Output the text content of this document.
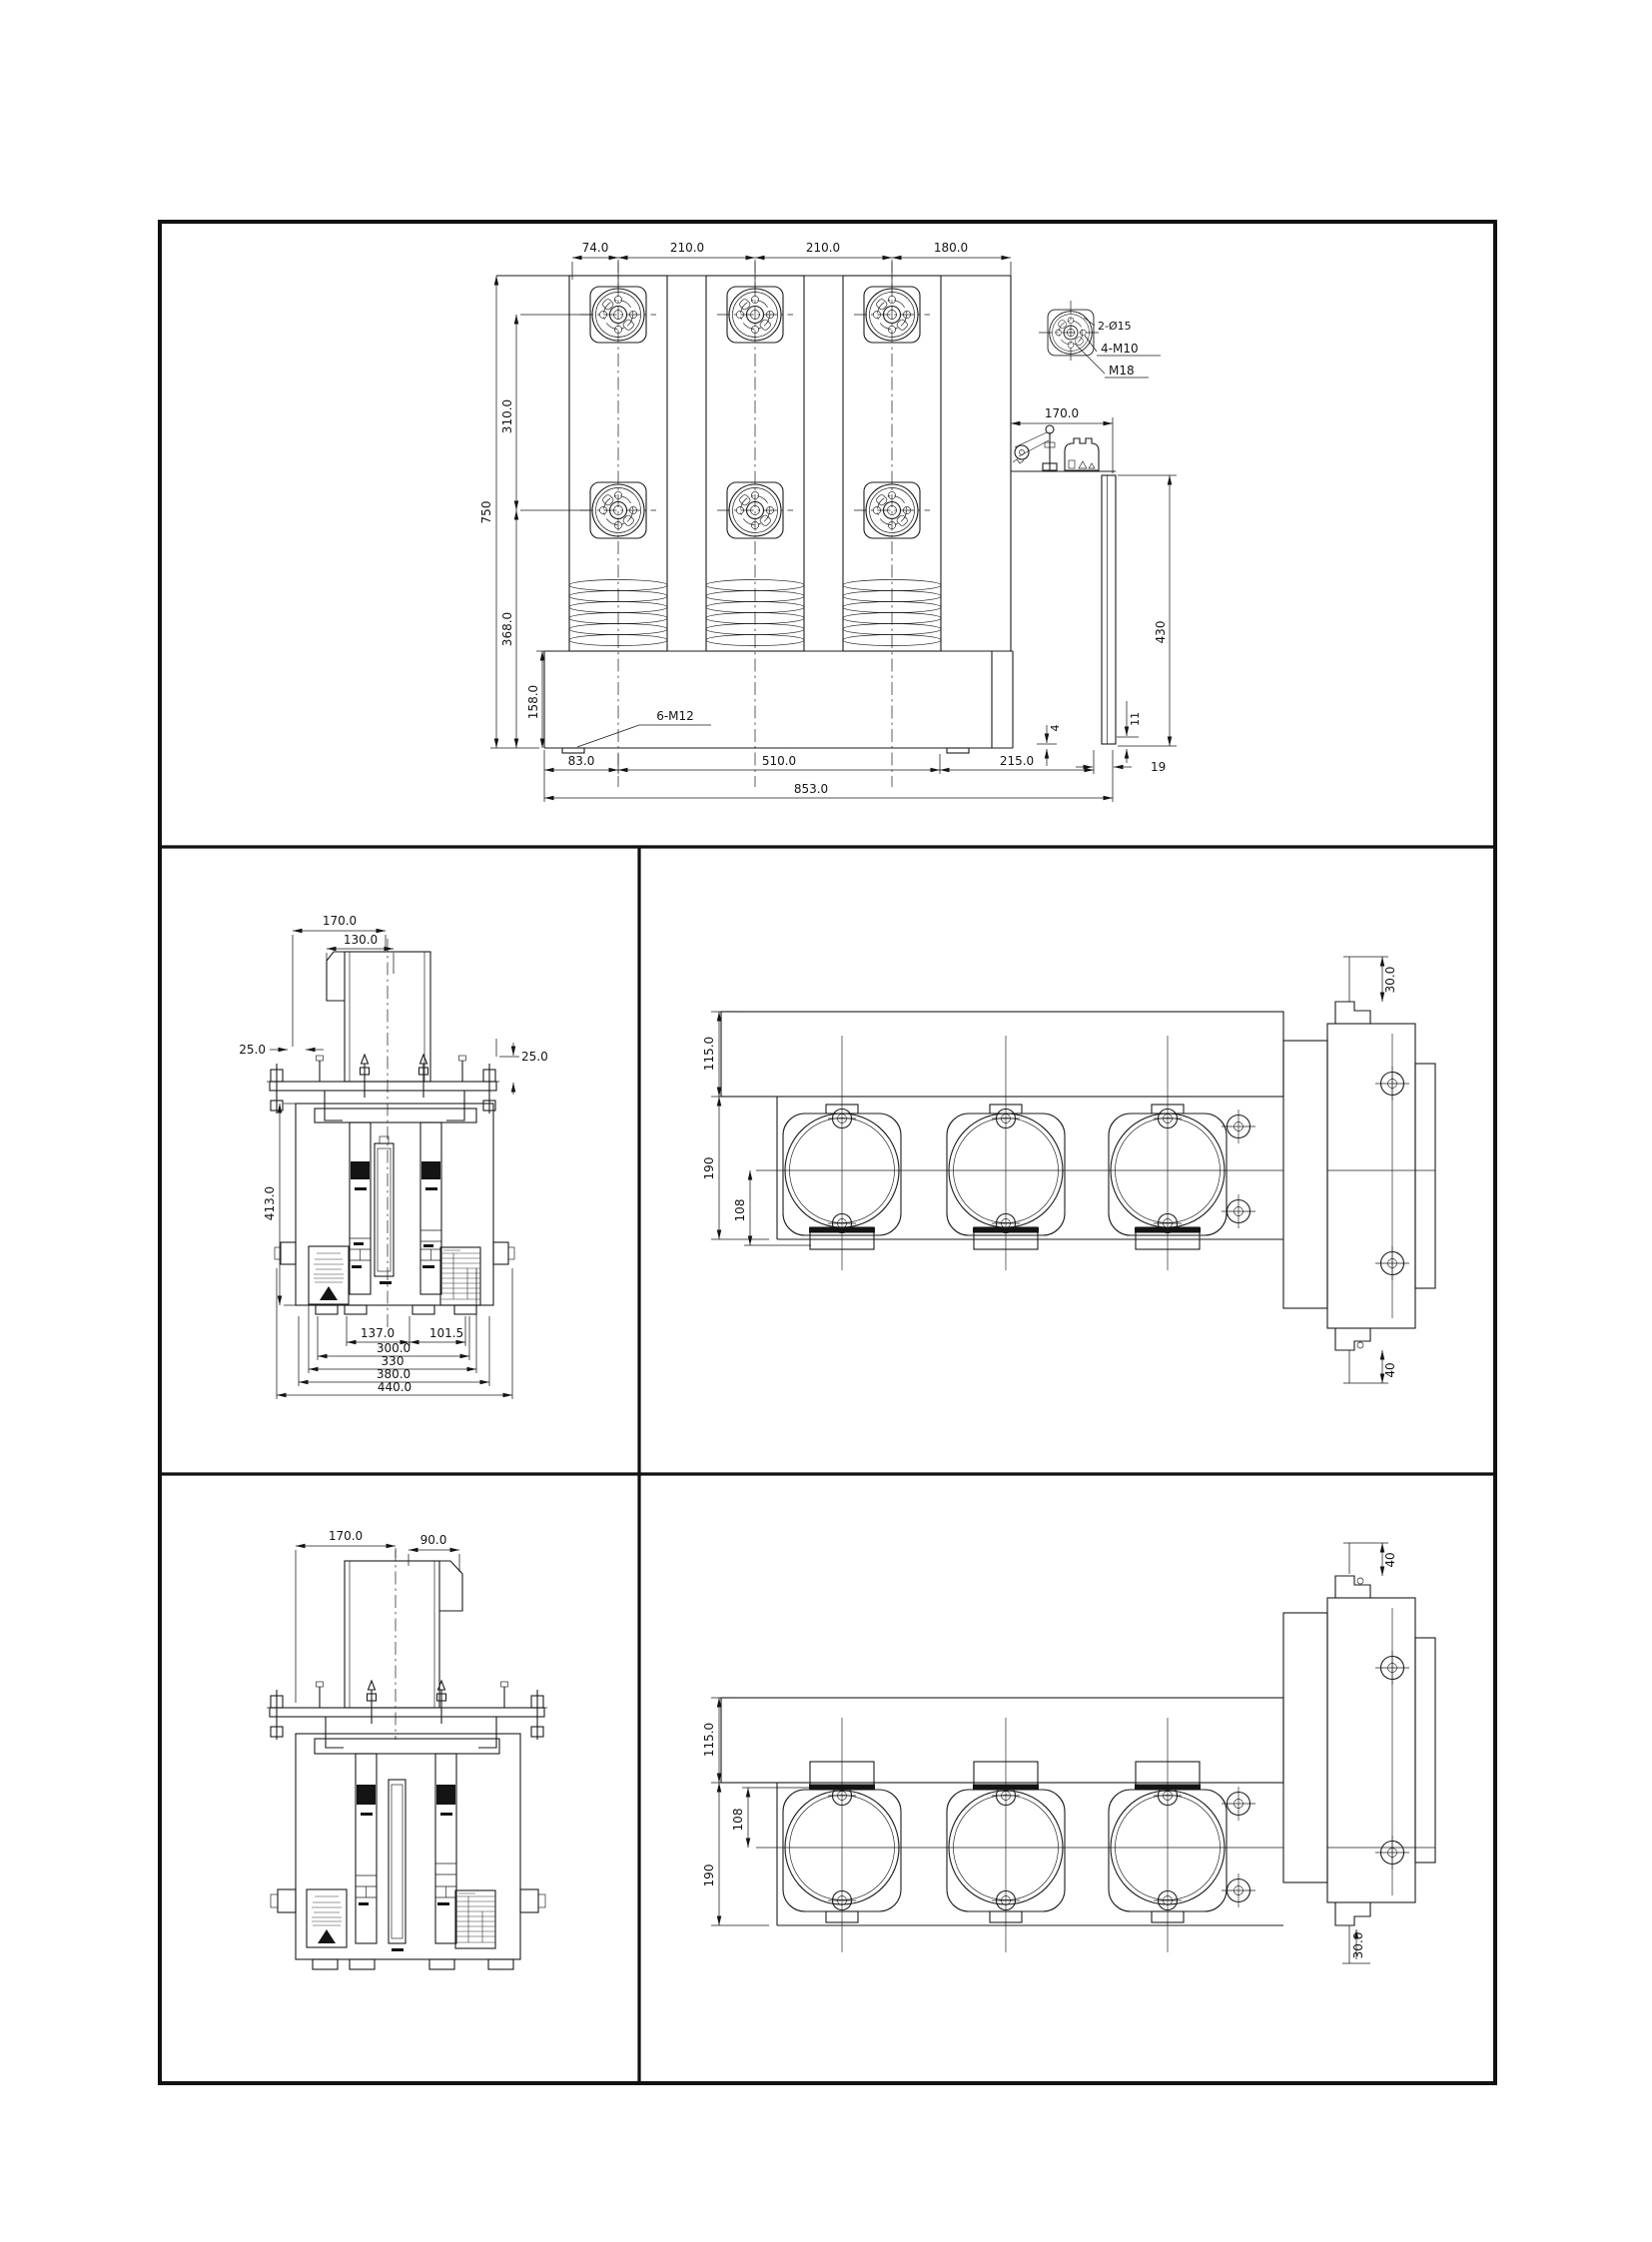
74.0	210.0	210.0	180.0
310.0
750
368.0
158.0
170.0
430
4
11
83.0	510.0	215.0	19
853.0
6-M12
2-Ø15
4-M10
M18
170.0
130.0
25.0	25.0
413.0
137.0	101.5
300.0
330
380.0
440.0
115.0
190
108
30.0
40
170.0	90.0
115.0
108
190
40
30.0
